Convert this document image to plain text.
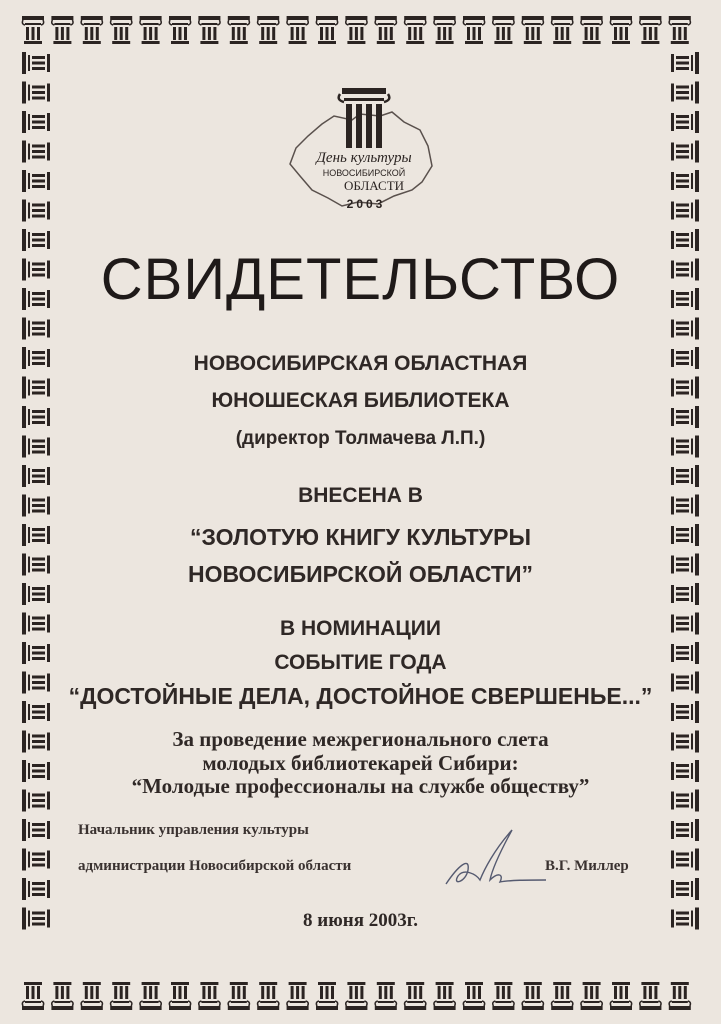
День культуры
НОВОСИБИРСКОЙ
ОБЛАСТИ
2003
СВИДЕТЕЛЬСТВО
НОВОСИБИРСКАЯ ОБЛАСТНАЯ
ЮНОШЕСКАЯ БИБЛИОТЕКА
(директор Толмачева Л.П.)
ВНЕСЕНА В
“ЗОЛОТУЮ КНИГУ КУЛЬТУРЫ
НОВОСИБИРСКОЙ ОБЛАСТИ”
В НОМИНАЦИИ
СОБЫТИЕ ГОДА
“ДОСТОЙНЫЕ ДЕЛА, ДОСТОЙНОЕ СВЕРШЕНЬЕ...”
За проведение межрегионального слета
молодых библиотекарей Сибири:
“Молодые профессионалы на службе обществу”
Начальник управления культуры
администрации Новосибирской области	В.Г. Миллер
8 июня 2003г.
